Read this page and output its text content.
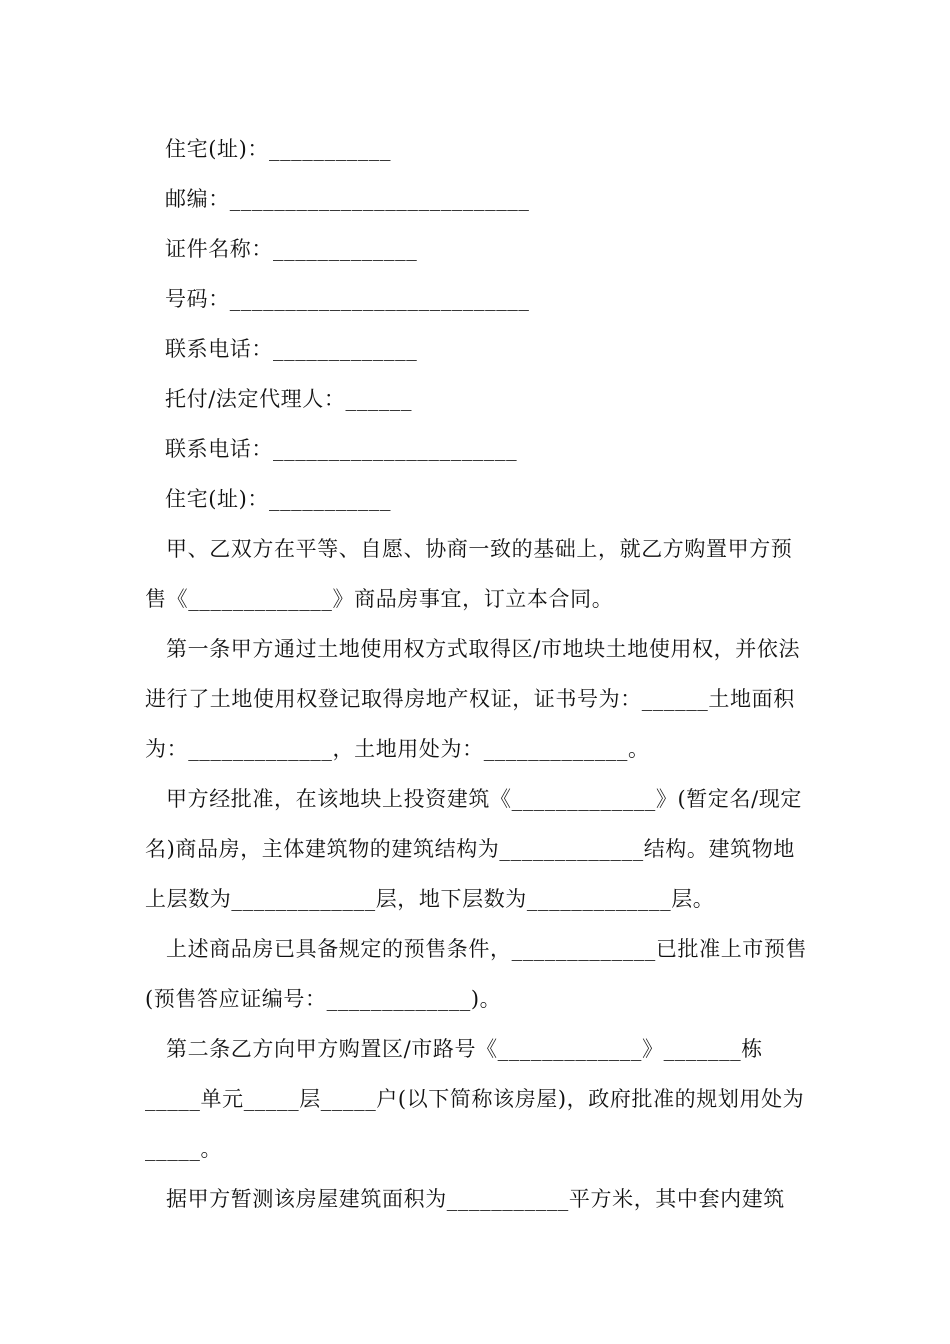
住宅(址)：___________
邮编：___________________________
证件名称：_____________
号码：___________________________
联系电话：_____________
托付/法定代理人：______
联系电话：______________________
住宅(址)：___________
甲、乙双方在平等、自愿、协商一致的基础上，就乙方购置甲方预售《_____________》商品房事宜，订立本合同。
第一条甲方通过土地使用权方式取得区/市地块土地使用权，并依法进行了土地使用权登记取得房地产权证，证书号为：______土地面积为：_____________，土地用处为：_____________。
甲方经批准，在该地块上投资建筑《_____________》(暂定名/现定名)商品房，主体建筑物的建筑结构为_____________结构。建筑物地上层数为_____________层，地下层数为_____________层。
上述商品房已具备规定的预售条件，_____________已批准上市预售(预售答应证编号：_____________)。
第二条乙方向甲方购置区/市路号《_____________》_______栋_____单元_____层_____户(以下简称该房屋)，政府批准的规划用处为_____。
据甲方暂测该房屋建筑面积为___________平方米，其中套内建筑
